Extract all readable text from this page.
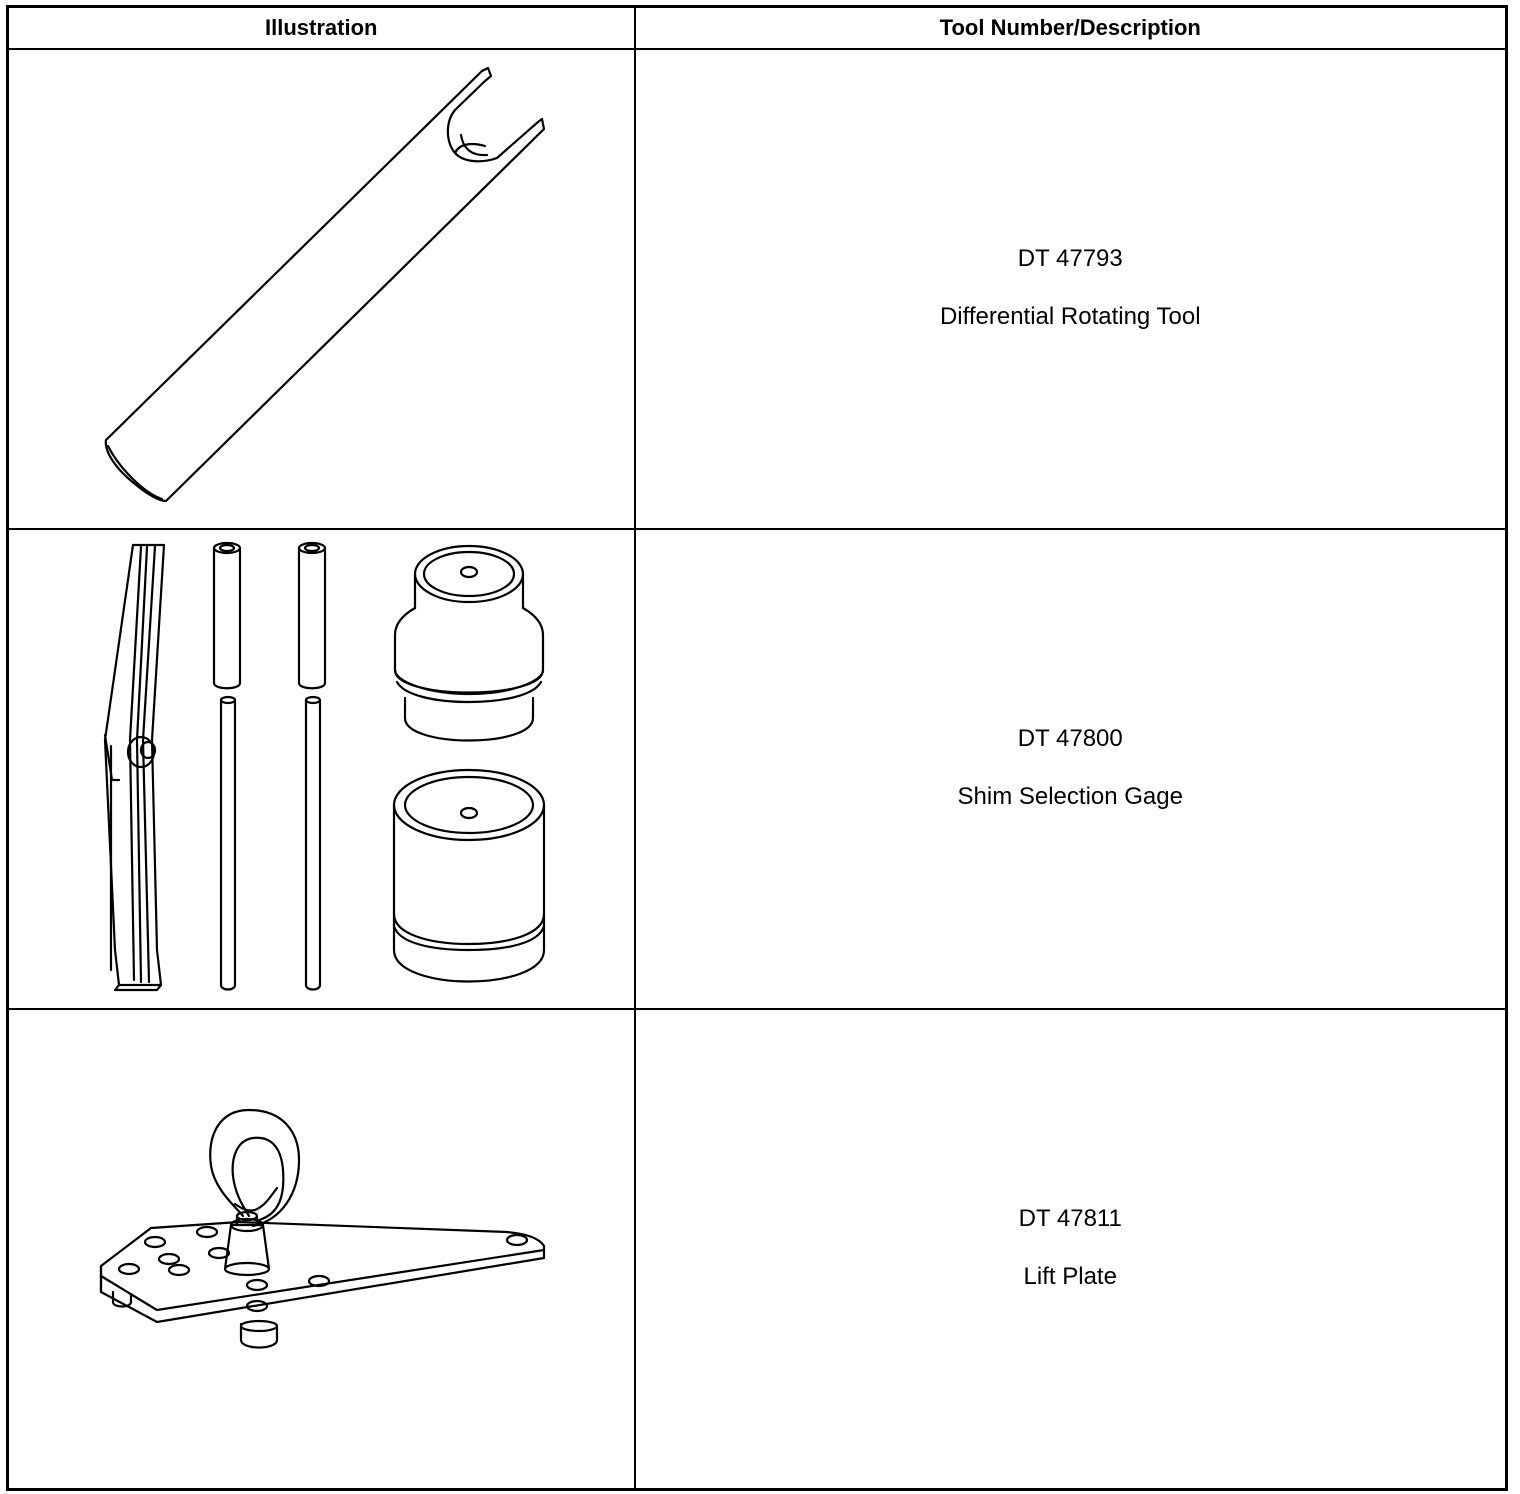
Illustration	Tool Number/Description

DT 47793
Differential Rotating Tool

DT 47800
Shim Selection Gage

DT 47811
Lift Plate
